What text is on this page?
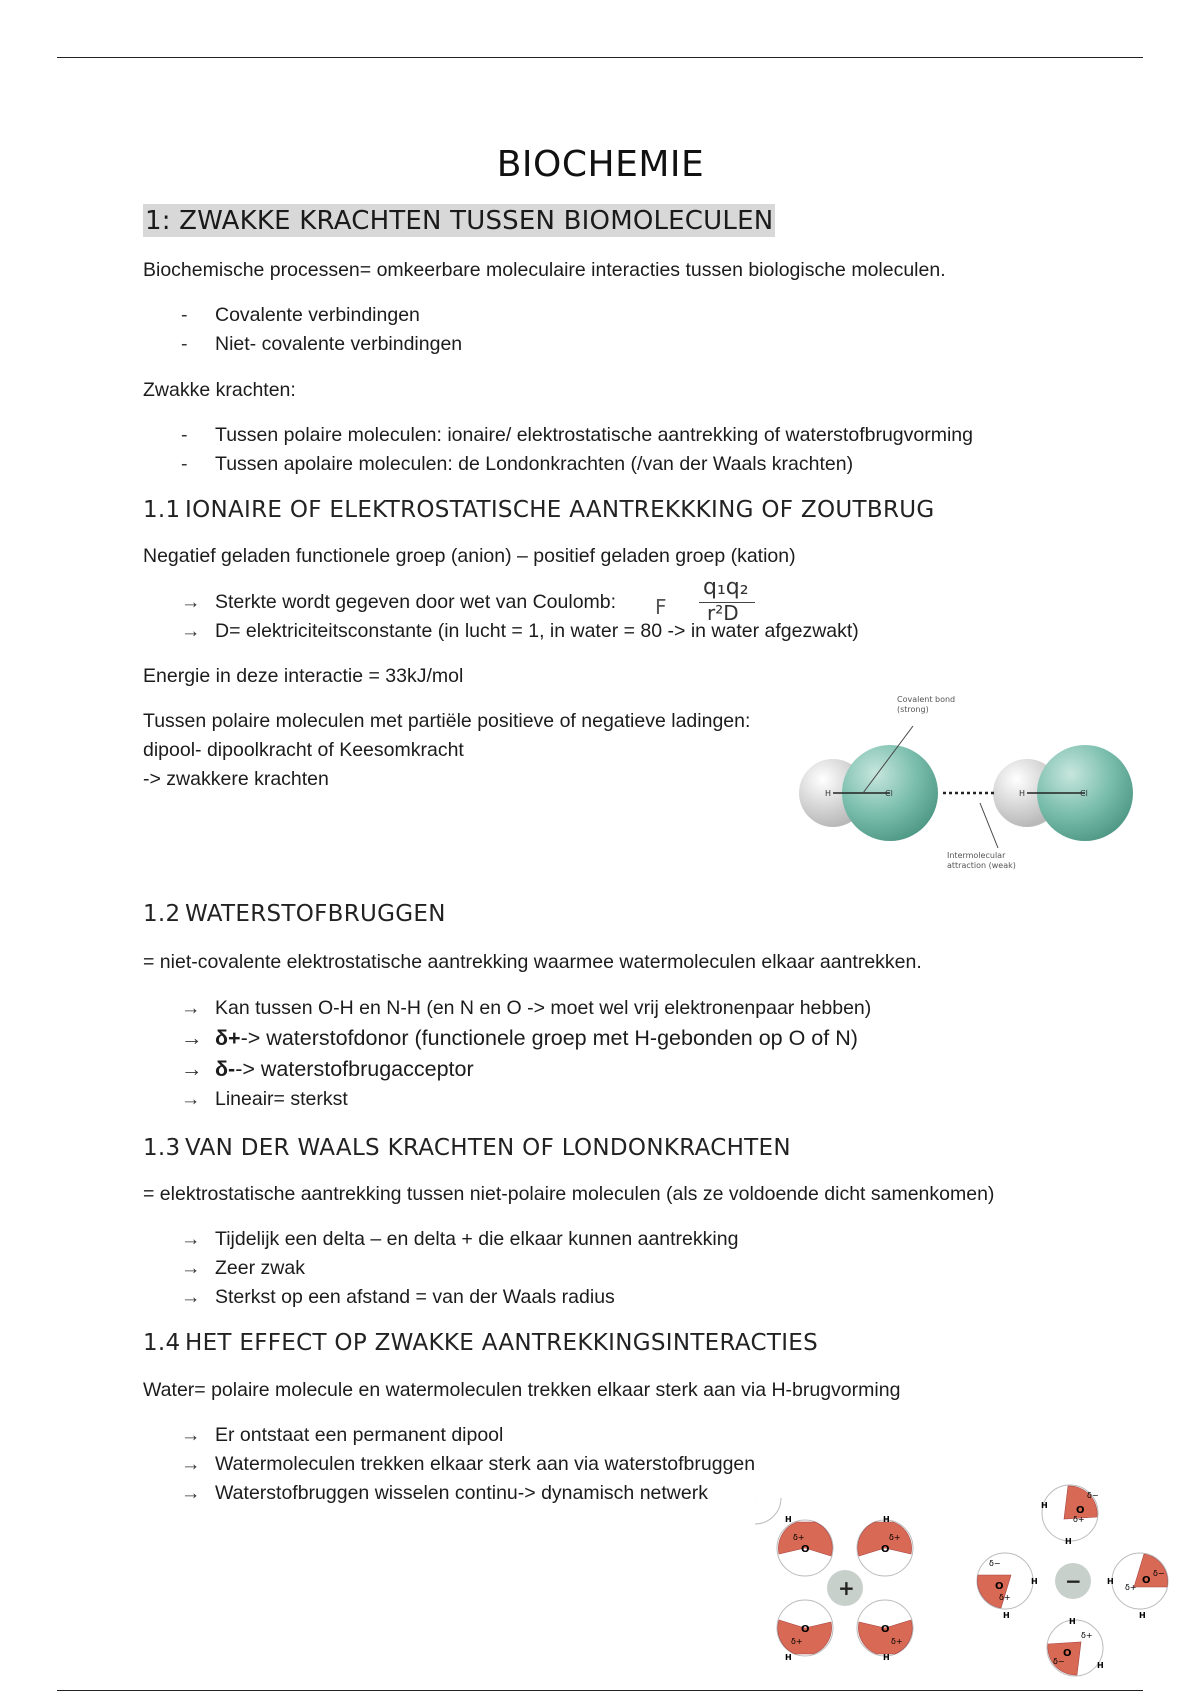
BIOCHEMIE
1: ZWAKKE KRACHTEN TUSSEN BIOMOLECULEN
Biochemische processen= omkeerbare moleculaire interacties tussen biologische moleculen.
-	Covalente verbindingen
-	Niet- covalente verbindingen
Zwakke krachten:
-	Tussen polaire moleculen: ionaire/ elektrostatische aantrekking of waterstofbrugvorming
-	Tussen apolaire moleculen: de Londonkrachten (/van der Waals krachten)
1.1 IONAIRE OF ELEKTROSTATISCHE AANTREKKKING OF ZOUTBRUG
Negatief geladen functionele groep (anion) – positief geladen groep (kation)
→ Sterkte wordt gegeven door wet van Coulomb:
→ D= elektriciteitsconstante (in lucht = 1, in water = 80 -> in water afgezwakt)
F
q₁q₂
r²D
Energie in deze interactie = 33kJ/mol
Tussen polaire moleculen met partiële positieve of negatieve ladingen:
dipool- dipoolkracht of Keesomkracht
-> zwakkere krachten
1.2 WATERSTOFBRUGGEN
= niet-covalente elektrostatische aantrekking waarmee watermoleculen elkaar aantrekken.
→ Kan tussen O-H en N-H (en N en O -> moet wel vrij elektronenpaar hebben)
→ δ+ -> waterstofdonor (functionele groep met H-gebonden op O of N)
→ δ- -> waterstofbrugacceptor
→ Lineair= sterkst
1.3 VAN DER WAALS KRACHTEN OF LONDONKRACHTEN
= elektrostatische aantrekking tussen niet-polaire moleculen (als ze voldoende dicht samenkomen)
→ Tijdelijk een delta – en delta + die elkaar kunnen aantrekking
→ Zeer zwak
→ Sterkst op een afstand = van der Waals radius
1.4 HET EFFECT OP ZWAKKE AANTREKKINGSINTERACTIES
Water= polaire molecule en watermoleculen trekken elkaar sterk aan via H-brugvorming
→ Er ontstaat een permanent dipool
→ Watermoleculen trekken elkaar sterk aan via waterstofbruggen
→ Waterstofbruggen wisselen continu-> dynamisch netwerk
H	Cl	H	Cl
Covalent bond
(strong)
Intermolecular
attraction (weak)
O	O
O	O
+
H	H
H	H
δ+	δ+
δ+	δ+
O
O
O
O
−
H
H
H	H
H
H
H	H
δ+
δ−
δ−
δ+
δ−
δ+
δ−
δ+
